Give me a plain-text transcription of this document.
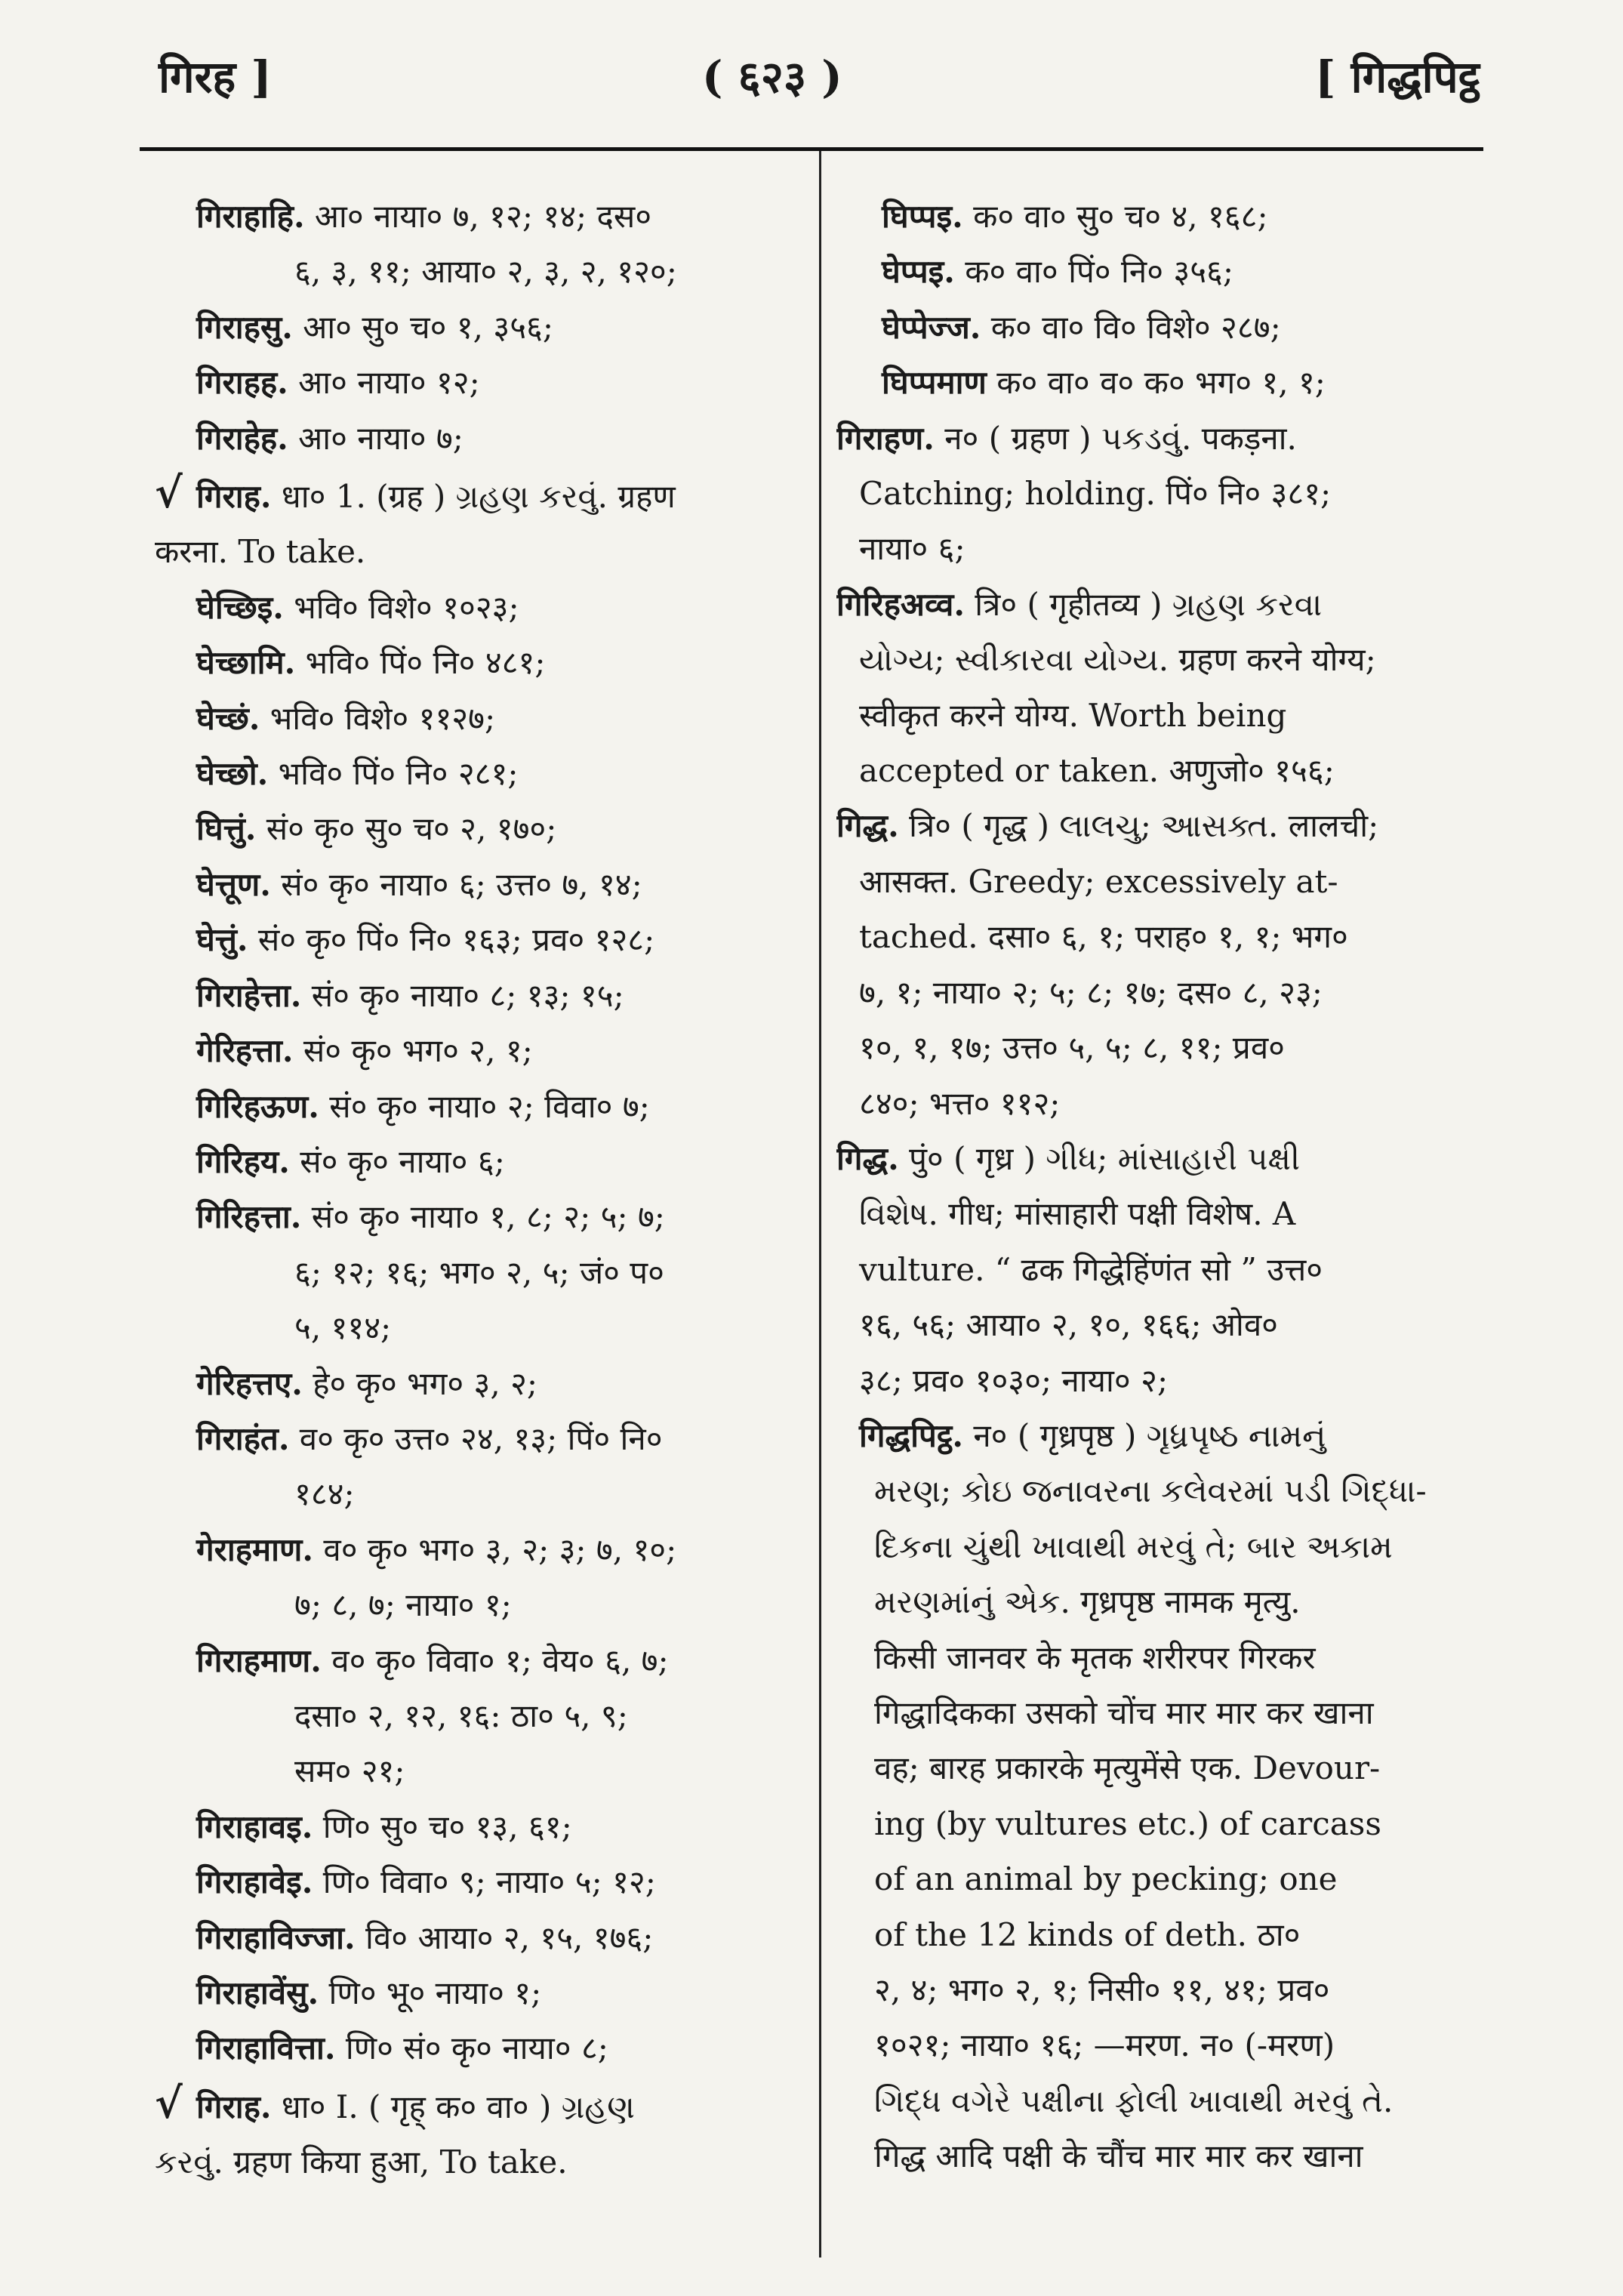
गिरह ]	( ६२३ )	[ गिद्धपिट्ठ
गिराहाहि. आ० नाया० ७, १२; १४; दस०
६, ३, ११; आया० २, ३, २, १२०;
गिराहसु. आ० सु० च० १, ३५६;
गिराहह. आ० नाया० १२;
गिराहेह. आ० नाया० ७;
√ गिराह. धा० 1. (ग्रह ) ગ્રહણ કરવું. ग्रहण
करना. To take.
घेच्छिइ. भवि० विशे० १०२३;
घेच्छामि. भवि० पिं० नि० ४८१;
घेच्छं. भवि० विशे० ११२७;
घेच्छो. भवि० पिं० नि० २८१;
घित्तुं. सं० कृ० सु० च० २, १७०;
घेत्तूण. सं० कृ० नाया० ६; उत्त० ७, १४;
घेत्तुं. सं० कृ० पिं० नि० १६३; प्रव० १२८;
गिराहेत्ता. सं० कृ० नाया० ८; १३; १५;
गेरिहत्ता. सं० कृ० भग० २, १;
गिरिहऊण. सं० कृ० नाया० २; विवा० ७;
गिरिहय. सं० कृ० नाया० ६;
गिरिहत्ता. सं० कृ० नाया० १, ८; २; ५; ७;
६; १२; १६; भग० २, ५; जं० प०
५, ११४;
गेरिहत्तए. हे० कृ० भग० ३, २;
गिराहंत. व० कृ० उत्त० २४, १३; पिं० नि०
१८४;
गेराहमाण. व० कृ० भग० ३, २; ३; ७, १०;
७; ८, ७; नाया० १;
गिराहमाण. व० कृ० विवा० १; वेय० ६, ७;
दसा० २, १२, १६: ठा० ५, ९;
सम० २१;
गिराहावइ. णि० सु० च० १३, ६१;
गिराहावेइ. णि० विवा० ९; नाया० ५; १२;
गिराहाविज्जा. वि० आया० २, १५, १७६;
गिराहावेंसु. णि० भू० नाया० १;
गिराहावित्ता. णि० सं० कृ० नाया० ८;
√ गिराह. धा० I. ( गृह् क० वा० ) ગ્રહણ
કરવું. ग्रहण किया हुआ, To take.
घिप्पइ. क० वा० सु० च० ४, १६८;
घेप्पइ. क० वा० पिं० नि० ३५६;
घेप्पेज्ज. क० वा० वि० विशे० २८७;
घिप्पमाण क० वा० व० क० भग० १, १;
गिराहण. न० ( ग्रहण ) પકડવું. पकड़ना.
Catching; holding. पिं० नि० ३८१;
नाया० ६;
गिरिहअव्व. त्रि० ( गृहीतव्य ) ગ્રહણ કરવા
યોગ્ય; સ્વીકારવા યોગ્ય. ग्रहण करने योग्य;
स्वीकृत करने योग्य. Worth being
accepted or taken. अणुजो० १५६;
गिद्ध. त्रि० ( गृद्ध ) લાલચુ; આસક્ત. लालची;
आसक्त. Greedy; excessively at-
tached. दसा० ६, १; पराह० १, १; भग०
७, १; नाया० २; ५; ८; १७; दस० ८, २३;
१०, १, १७; उत्त० ५, ५; ८, ११; प्रव०
८४०; भत्त० ११२;
गिद्ध. पुं० ( गृध्र ) ગીધ; માંસાહારી પક્ષી
વિશેષ. गीध; मांसाहारी पक्षी विशेष. A
vulture. “ ढक गिद्धेहिंणंत सो ” उत्त०
१६, ५६; आया० २, १०, १६६; ओव०
३८; प्रव० १०३०; नाया० २;
गिद्धपिट्ठ. न० ( गृध्रपृष्ठ ) ગૃધ્રપૃષ્ઠ નામનું
મરણ; કોઇ જનાવરના કલેવરમાં પડી ગિદ્ધા-
દિકના ચુંથી ખાવાથી મરવું તે; બાર અકામ
મરણમાંનું એક. गृध्रपृष्ठ नामक मृत्यु.
किसी जानवर के मृतक शरीरपर गिरकर
गिद्धादिकका उसको चोंच मार मार कर खाना
वह; बारह प्रकारके मृत्युमेंसे एक. Devour-
ing (by vultures etc.) of carcass
of an animal by pecking; one
of the 12 kinds of deth. ठा०
२, ४; भग० २, १; निसी० ११, ४१; प्रव०
१०२१; नाया० १६; —मरण. न० (-मरण)
ગિદ્ધ વગેરે પક્ષીના ફોલી ખાવાથી મરવું તે.
गिद्ध आदि पक्षी के चौंच मार मार कर खाना
